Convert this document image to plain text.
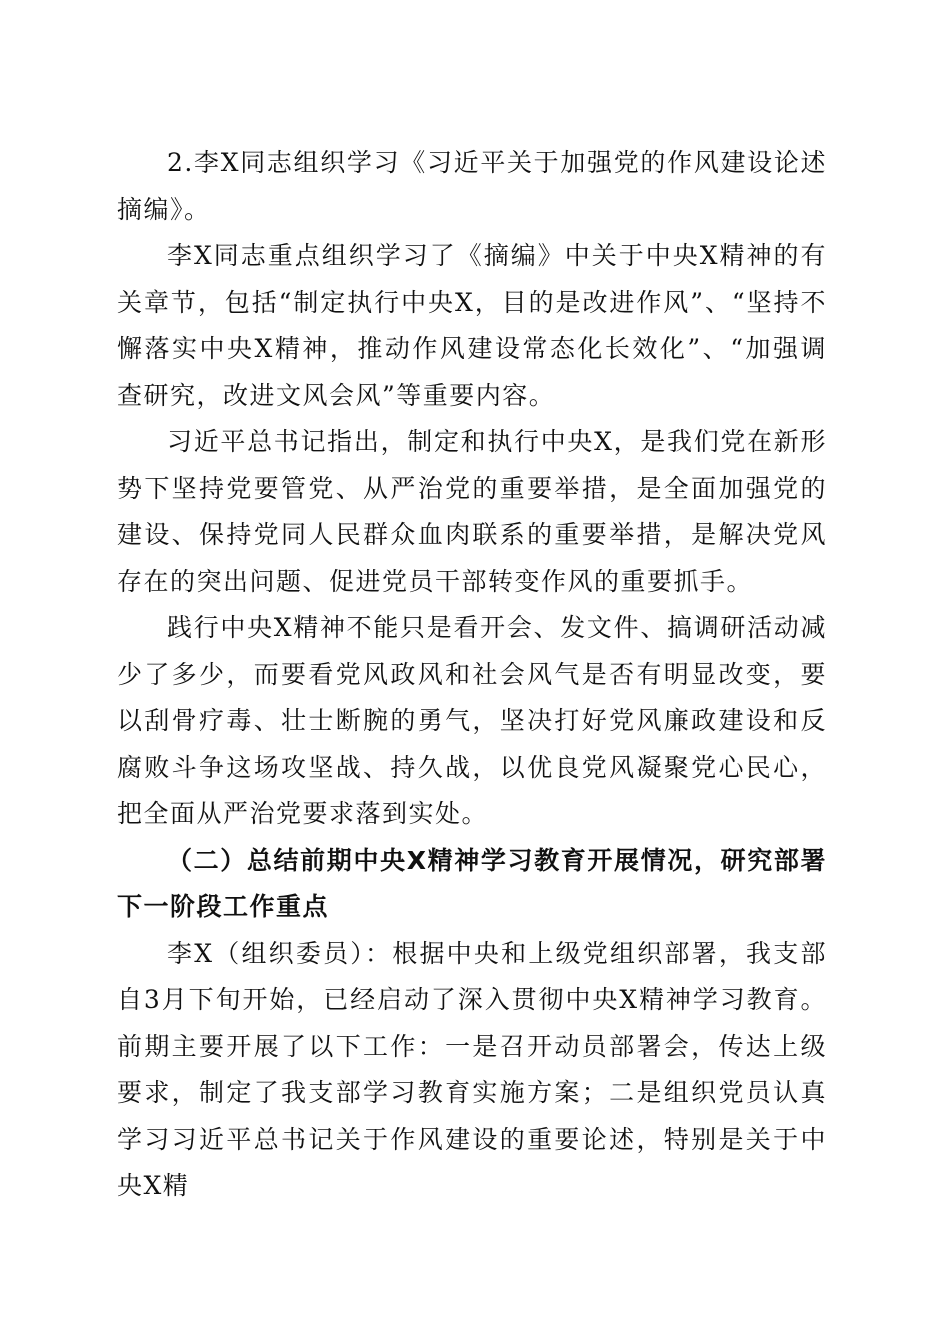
2.李X同志组织学习《习近平关于加强党的作风建设论述摘编》。

李X同志重点组织学习了《摘编》中关于中央X精神的有关章节，包括“制定执行中央X，目的是改进作风”、“坚持不懈落实中央X精神，推动作风建设常态化长效化”、“加强调查研究，改进文风会风”等重要内容。

习近平总书记指出，制定和执行中央X，是我们党在新形势下坚持党要管党、从严治党的重要举措，是全面加强党的建设、保持党同人民群众血肉联系的重要举措，是解决党风存在的突出问题、促进党员干部转变作风的重要抓手。

践行中央X精神不能只是看开会、发文件、搞调研活动减少了多少，而要看党风政风和社会风气是否有明显改变，要以刮骨疗毒、壮士断腕的勇气，坚决打好党风廉政建设和反腐败斗争这场攻坚战、持久战，以优良党风凝聚党心民心，把全面从严治党要求落到实处。

（二）总结前期中央X精神学习教育开展情况，研究部署下一阶段工作重点

李X（组织委员）：根据中央和上级党组织部署，我支部自3月下旬开始，已经启动了深入贯彻中央X精神学习教育。前期主要开展了以下工作：一是召开动员部署会，传达上级要求，制定了我支部学习教育实施方案；二是组织党员认真学习习近平总书记关于作风建设的重要论述，特别是关于中央X精
